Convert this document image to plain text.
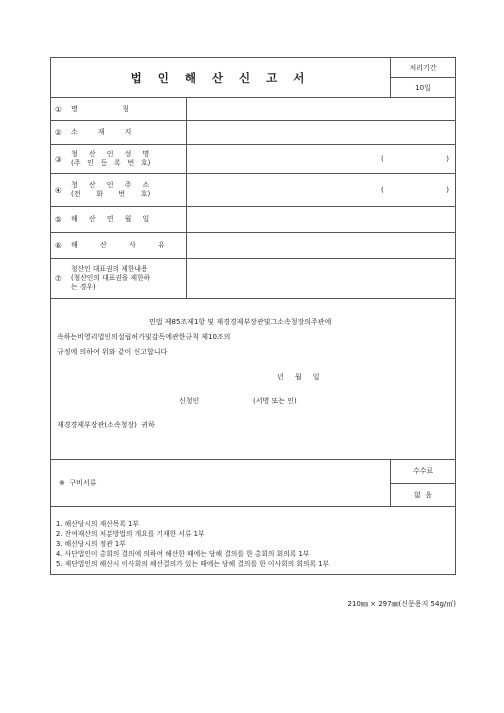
법 인 해 산 신 고 서
처리기간
10일
①	명                    칭
②	소         재         지
③
청     산     인     성     명
(주   인   등   록   번   호)	(	)
④
청     산     인     주     소
(전       화       번       호)	(	)
⑤	해     산     연     월     일
⑥	해          산          사          유
⑦
청산인 대표권의 제한내용
(청산인의 대표권을 제한하
는 경우)
민법 제85조제1항 및 재경경제부장관및그소속청장의주관에
속하는비영리법인의설립허가및감독에관한규칙 제10조의
규정에 의하여 위와 같이 신고합니다
년     월     일
신청인	(서명 또는 인)
재경경제부장관(소속청장)  귀하
※  구비서류
수수료
없  음
1. 해산당시의 재산목록 1부
2. 잔여재산의 처분방법의 개요를 기재한 서류 1부
3. 해산당시의 정관 1부
4. 사단법인이 총회의 결의에 의하여 해산한 때에는 당해 결의를 한 총회의 회의록 1부
5. 재단법인의 해산시 이사회의 해산결의가 있는 때에는 당해 결의를 한 이사회의 회의록 1부
210㎜ × 297㎜(신문용지 54g/㎡)
